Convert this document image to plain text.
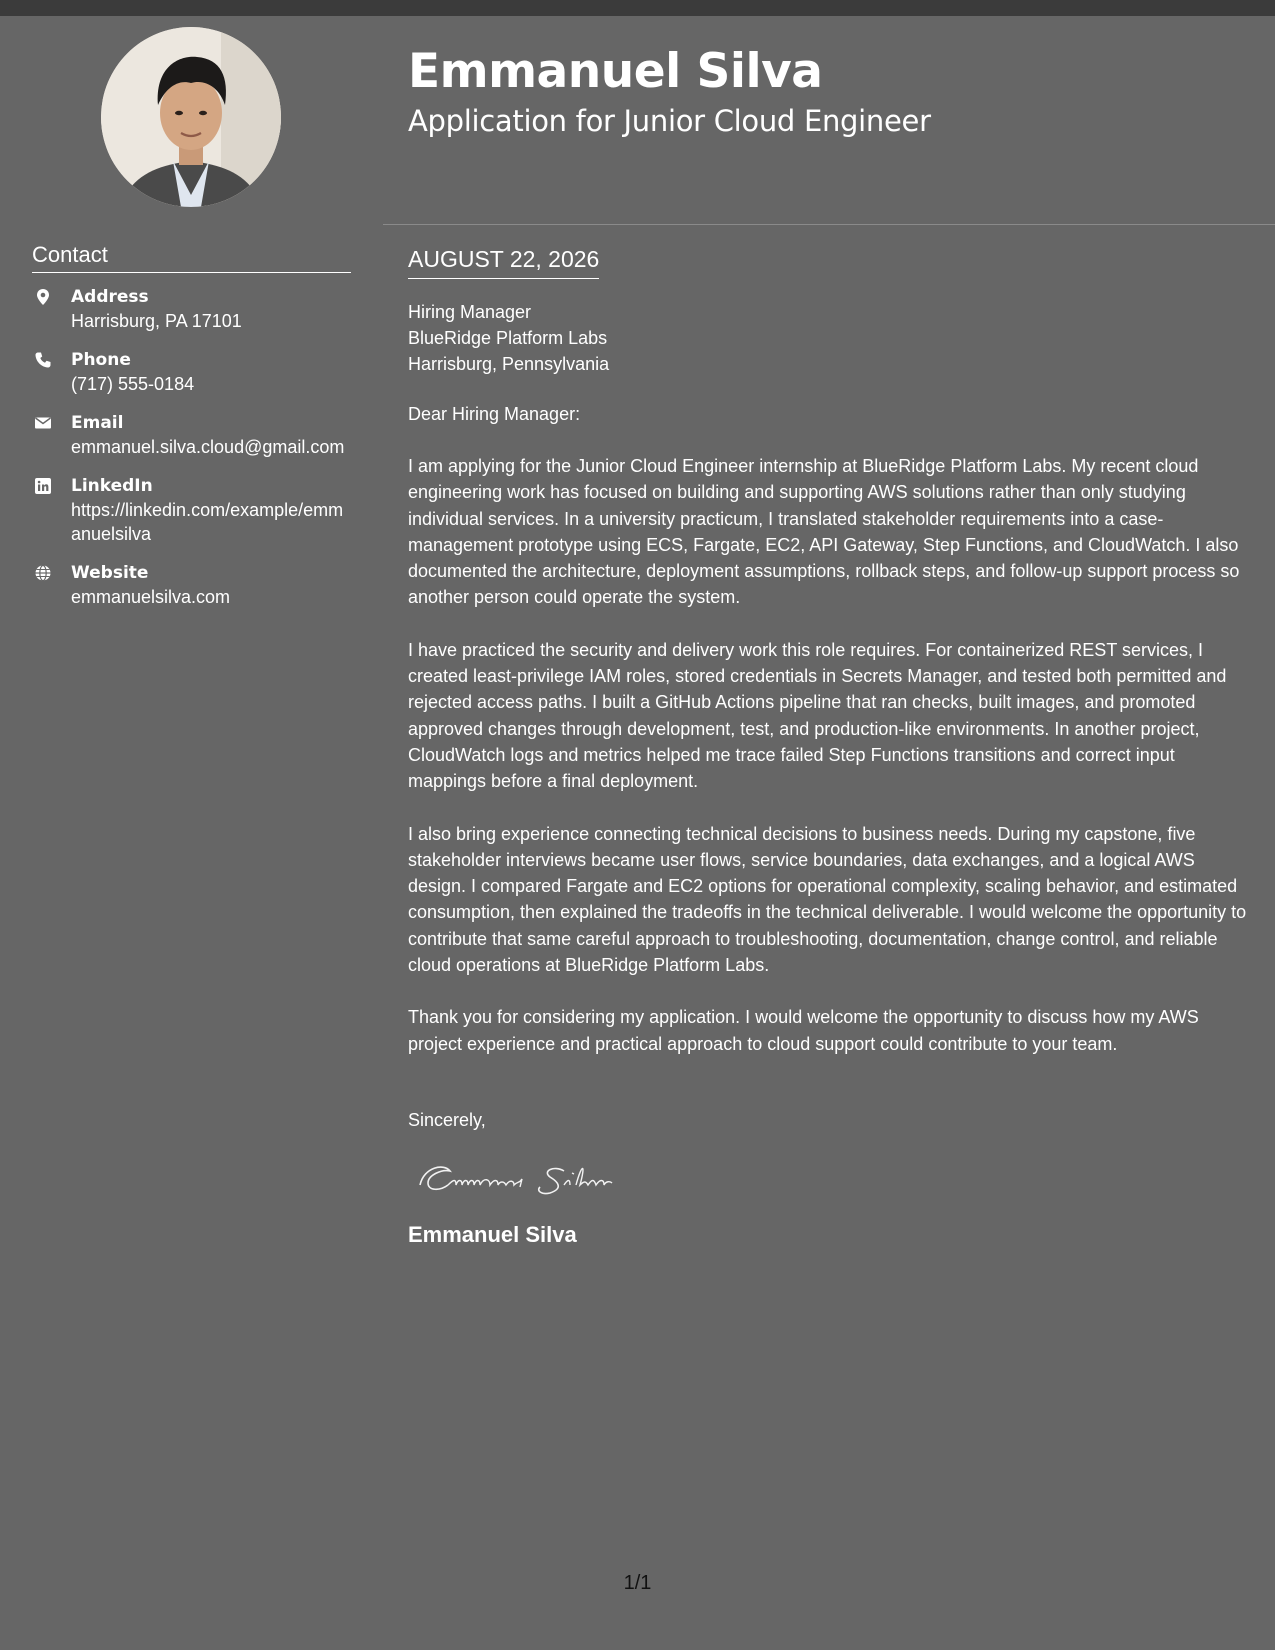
Emmanuel Silva
Application for Junior Cloud Engineer
Contact
Address
Harrisburg, PA 17101
Phone
(717) 555-0184
Email
emmanuel.silva.cloud@gmail.com
LinkedIn
https://linkedin.com/example/emmanuelsilva
Website
emmanuelsilva.com
AUGUST 22, 2026

Hiring Manager
BlueRidge Platform Labs
Harrisburg, Pennsylvania

Dear Hiring Manager:

I am applying for the Junior Cloud Engineer internship at BlueRidge Platform Labs. My recent cloud engineering work has focused on building and supporting AWS solutions rather than only studying individual services. In a university practicum, I translated stakeholder requirements into a case-management prototype using ECS, Fargate, EC2, API Gateway, Step Functions, and CloudWatch. I also documented the architecture, deployment assumptions, rollback steps, and follow-up support process so another person could operate the system.

I have practiced the security and delivery work this role requires. For containerized REST services, I created least-privilege IAM roles, stored credentials in Secrets Manager, and tested both permitted and rejected access paths. I built a GitHub Actions pipeline that ran checks, built images, and promoted approved changes through development, test, and production-like environments. In another project, CloudWatch logs and metrics helped me trace failed Step Functions transitions and correct input mappings before a final deployment.

I also bring experience connecting technical decisions to business needs. During my capstone, five stakeholder interviews became user flows, service boundaries, data exchanges, and a logical AWS design. I compared Fargate and EC2 options for operational complexity, scaling behavior, and estimated consumption, then explained the tradeoffs in the technical deliverable. I would welcome the opportunity to contribute that same careful approach to troubleshooting, documentation, change control, and reliable cloud operations at BlueRidge Platform Labs.

Thank you for considering my application. I would welcome the opportunity to discuss how my AWS project experience and practical approach to cloud support could contribute to your team.

Sincerely,

Emmanuel Silva

1/1
